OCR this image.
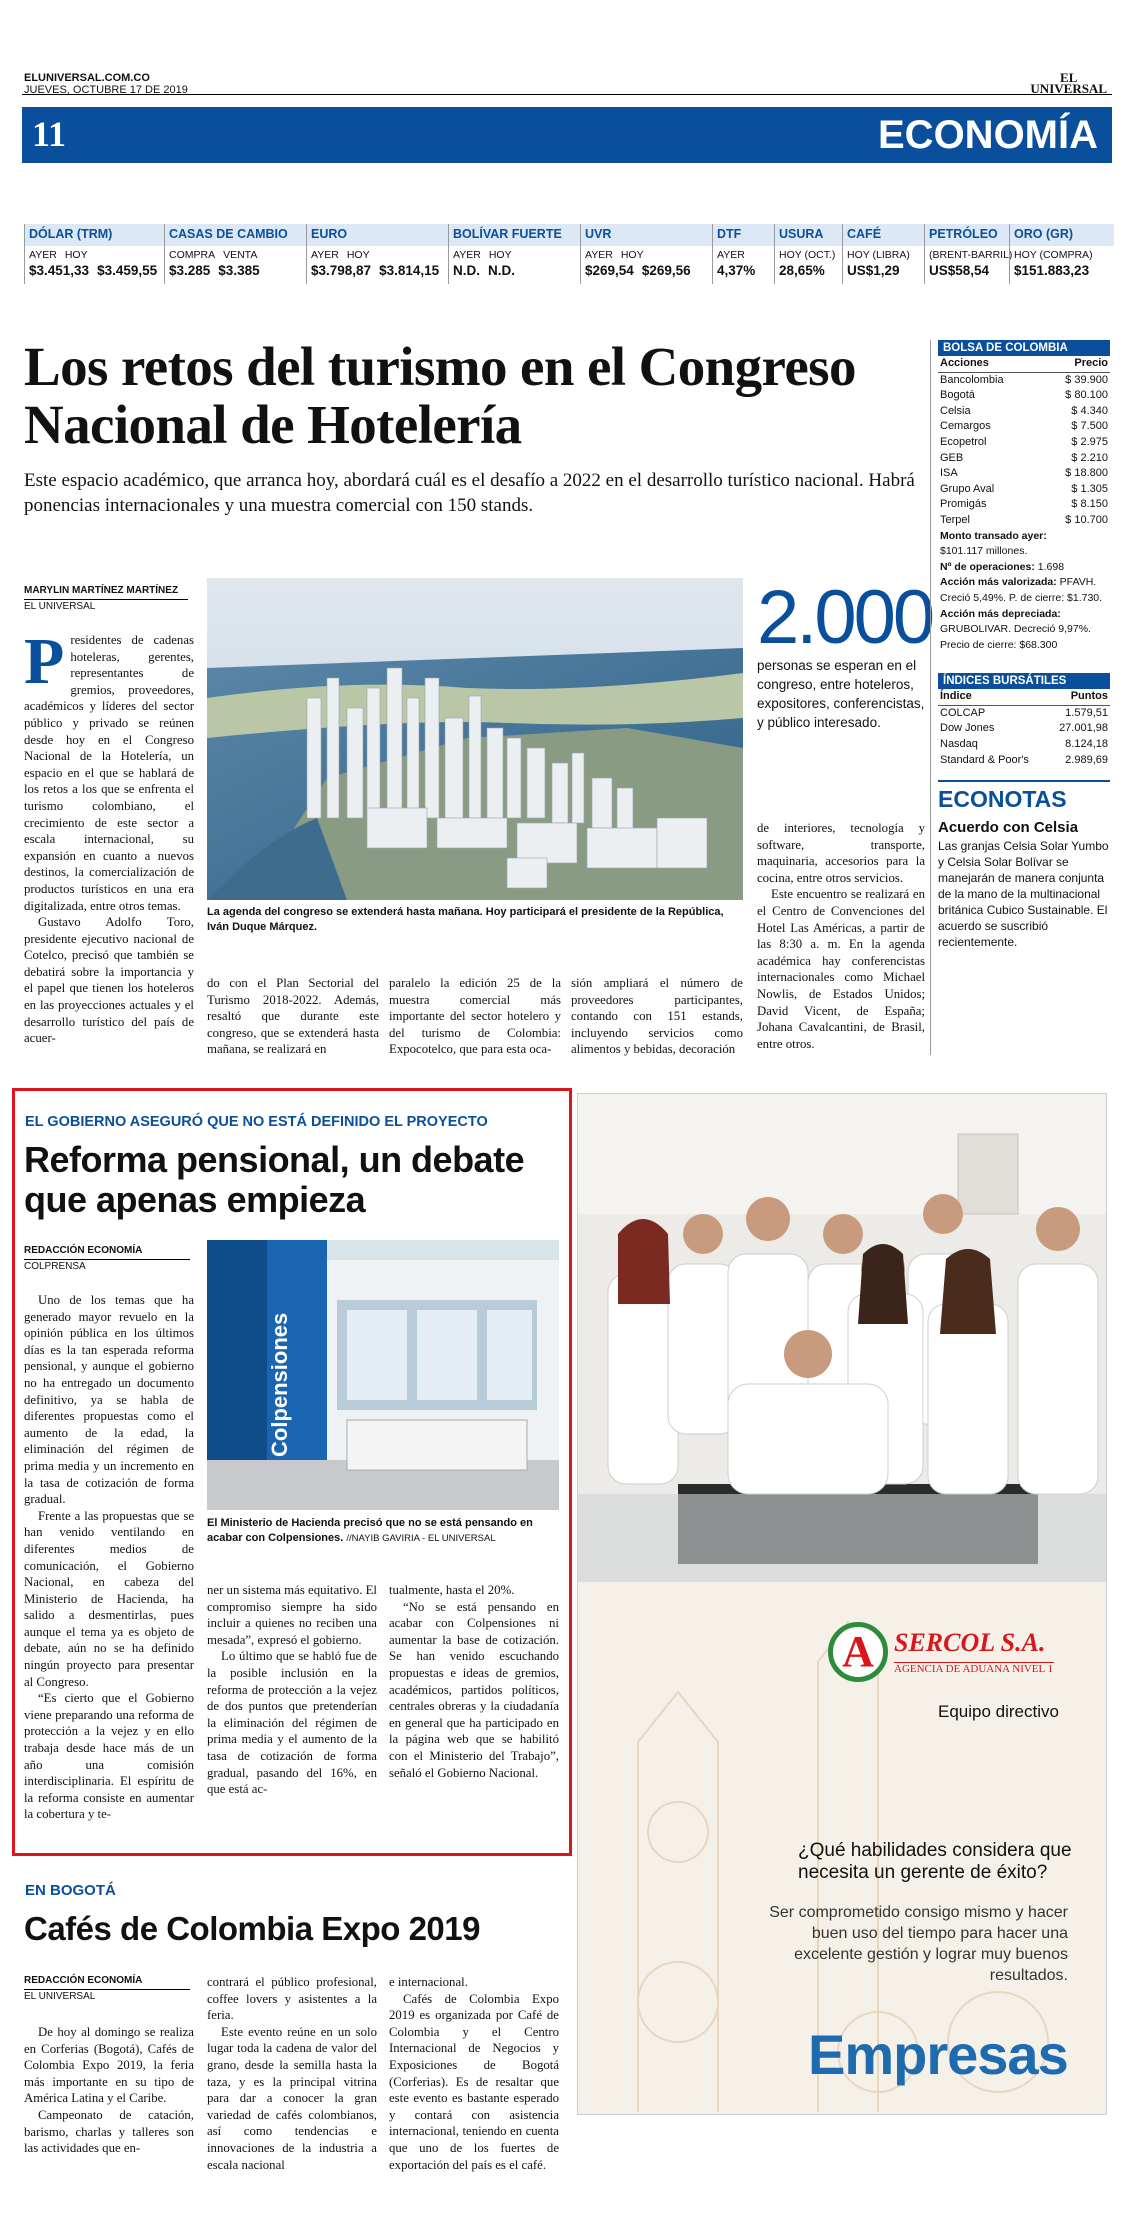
ELUNIVERSAL.COM.CO
JUEVES, OCTUBRE 17 DE 2019
EL
UNIVERSAL
11	ECONOMÍA
DÓLAR (TRM)
AYER HOY
$3.451,33 $3.459,55
CASAS DE CAMBIO
COMPRA VENTA
$3.285 $3.385
EURO
AYER HOY
$3.798,87 $3.814,15
BOLÍVAR FUERTE
AYER HOY
N.D. N.D.
UVR
AYER HOY
$269,54 $269,56
DTF
AYER
4,37%
USURA
HOY (OCT.)
28,65%
CAFÉ
HOY (LIBRA)
US$1,29
PETRÓLEO
(BRENT-BARRIL)
US$58,54
ORO (GR)
HOY (COMPRA)
$151.883,23
Los retos del turismo en el Congreso Nacional de Hotelería
Este espacio académico, que arranca hoy, abordará cuál es el desafío a 2022 en el desarrollo turístico nacional. Habrá ponencias internacionales y una muestra comercial con 150 stands.
MARYLIN MARTÍNEZ MARTÍNEZ
EL UNIVERSAL
P residentes de cadenas hoteleras, gerentes, representantes de gremios, proveedores, académicos y líderes del sector público y privado se reúnen desde hoy en el Congreso Nacional de la Hotelería, un espacio en el que se hablará de los retos a los que se enfrenta el turismo colombiano, el crecimiento de este sector a escala internacional, su expansión en cuanto a nuevos destinos, la comercialización de productos turísticos en una era digitalizada, entre otros temas.

Gustavo Adolfo Toro, presidente ejecutivo nacional de Cotelco, precisó que también se debatirá sobre la importancia y el papel que tienen los hoteleros en las proyecciones actuales y el desarrollo turístico del país de acuer-

La agenda del congreso se extenderá hasta mañana. Hoy participará el presidente de la República, Iván Duque Márquez.
2.000
personas se esperan en el congreso, entre hoteleros, expositores, conferencistas, y público interesado.
do con el Plan Sectorial del Turismo 2018-2022. Además, resaltó que durante este congreso, que se extenderá hasta mañana, se realizará en
paralelo la edición 25 de la muestra comercial más importante del sector hotelero y del turismo de Colombia: Expocotelco, que para esta oca-
sión ampliará el número de proveedores participantes, contando con 151 estands, incluyendo servicios como alimentos y bebidas, decoración
de interiores, tecnología y software, transporte, maquinaria, accesorios para la cocina, entre otros servicios.

Este encuentro se realizará en el Centro de Convenciones del Hotel Las Américas, a partir de las 8:30 a. m. En la agenda académica hay conferencistas internacionales como Michael Nowlis, de Estados Unidos; David Vicent, de España; Johana Cavalcantini, de Brasil, entre otros.

BOLSA DE COLOMBIA
Acciones	Precio
Bancolombia	$ 39.900
Bogotá	$ 80.100
Celsia	$ 4.340
Cemargos	$ 7.500
Ecopetrol	$ 2.975
GEB	$ 2.210
ISA	$ 18.800
Grupo Aval	$ 1.305
Promigás	$ 8.150
Terpel	$ 10.700
Monto transado ayer:
$101.117 millones.
Nº de operaciones: 1.698
Acción más valorizada: PFAVH.
Creció 5,49%. P. de cierre: $1.730.
Acción más depreciada:
GRUBOLIVAR. Decreció 9,97%.
Precio de cierre: $68.300
ÍNDICES BURSÁTILES
Índice	Puntos
COLCAP	1.579,51
Dow Jones	27.001,98
Nasdaq	8.124,18
Standard & Poor's	2.989,69
ECONOTAS
Acuerdo con Celsia
Las granjas Celsia Solar Yumbo y Celsia Solar Bolívar se manejarán de manera conjunta de la mano de la multinacional británica Cubico Sustainable. El acuerdo se suscribió recientemente.
EL GOBIERNO ASEGURÓ QUE NO ESTÁ DEFINIDO EL PROYECTO
Reforma pensional, un debate que apenas empieza
REDACCIÓN ECONOMÍA
COLPRENSA

Uno de los temas que ha generado mayor revuelo en la opinión pública en los últimos días es la tan esperada reforma pensional, y aunque el gobierno no ha entregado un documento definitivo, ya se habla de diferentes propuestas como el aumento de la edad, la eliminación del régimen de prima media y un incremento en la tasa de cotización de forma gradual.

Frente a las propuestas que se han venido ventilando en diferentes medios de comunicación, el Gobierno Nacional, en cabeza del Ministerio de Hacienda, ha salido a desmentirlas, pues aunque el tema ya es objeto de debate, aún no se ha definido ningún proyecto para presentar al Congreso.

“Es cierto que el Gobierno viene preparando una reforma de protección a la vejez y en ello trabaja desde hace más de un año una comisión interdisciplinaria. El espíritu de la reforma consiste en aumentar la cobertura y te-

Colpensiones
El Ministerio de Hacienda precisó que no se está pensando en acabar con Colpensiones. //NAYIB GAVIRIA - EL UNIVERSAL
ner un sistema más equitativo. El compromiso siempre ha sido incluir a quienes no reciben una mesada”, expresó el gobierno.

Lo último que se habló fue de la posible inclusión en la reforma de protección a la vejez de dos puntos que pretenderían la eliminación del régimen de prima media y el aumento de la tasa de cotización de forma gradual, pasando del 16%, en que está ac-

tualmente, hasta el 20%.

“No se está pensando en acabar con Colpensiones ni aumentar la base de cotización. Se han venido escuchando propuestas e ideas de gremios, académicos, partidos políticos, centrales obreras y la ciudadanía en general que ha participado en la página web que se habilitó con el Ministerio del Trabajo”, señaló el Gobierno Nacional.

EN BOGOTÁ
Cafés de Colombia Expo 2019
REDACCIÓN ECONOMÍA
EL UNIVERSAL

De hoy al domingo se realiza en Corferias (Bogotá), Cafés de Colombia Expo 2019, la feria más importante en su tipo de América Latina y el Caribe.

Campeonato de catación, barismo, charlas y talleres son las actividades que en-

contrará el público profesional, coffee lovers y asistentes a la feria.

Este evento reúne en un solo lugar toda la cadena de valor del grano, desde la semilla hasta la taza, y es la principal vitrina para dar a conocer la gran variedad de cafés colombianos, así como tendencias e innovaciones de la industria a escala nacional

e internacional.

Cafés de Colombia Expo 2019 es organizada por Café de Colombia y el Centro Internacional de Negocios y Exposiciones de Bogotá (Corferias). Es de resaltar que este evento es bastante esperado y contará con asistencia internacional, teniendo en cuenta que uno de los fuertes de exportación del país es el café.

A SERCOL S.A.
AGENCIA DE ADUANA NIVEL 1
Equipo directivo
¿Qué habilidades considera que necesita un gerente de éxito?
Ser comprometido consigo mismo y hacer buen uso del tiempo para hacer una excelente gestión y lograr muy buenos resultados.
Empresas
